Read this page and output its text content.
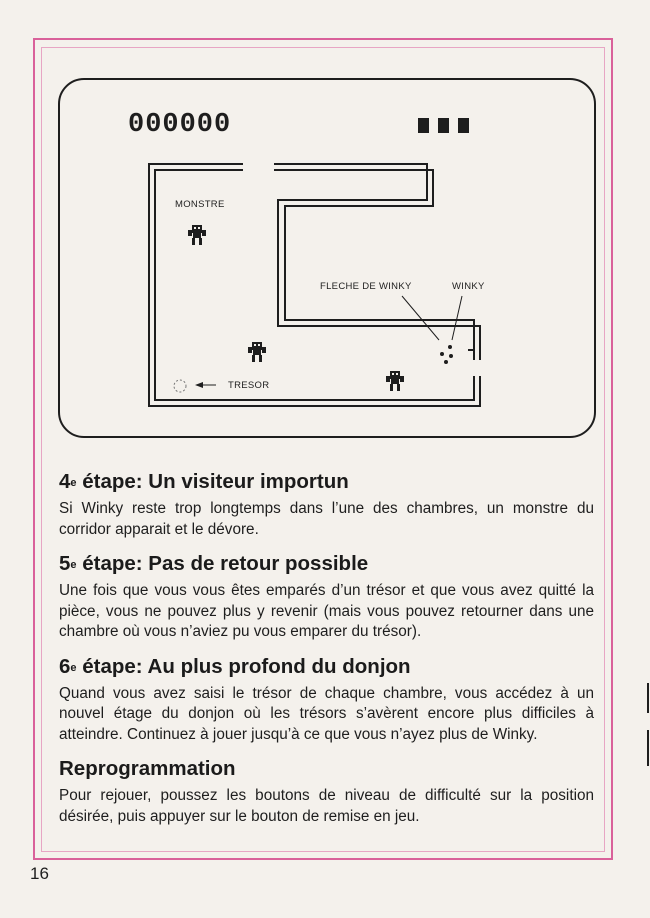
000000
MONSTRE
FLECHE DE WINKY	WINKY
TRESOR
4e étape: Un visiteur importun

Si Winky reste trop longtemps dans l’une des chambres, un monstre du corridor apparait et le dévore.

5e étape: Pas de retour possible

Une fois que vous vous êtes emparés d’un trésor et que vous avez quitté la pièce, vous ne pouvez plus y revenir (mais vous pouvez retourner dans une chambre où vous n’aviez pu vous emparer du trésor).

6e étape: Au plus profond du donjon

Quand vous avez saisi le trésor de chaque chambre, vous accédez à un nouvel étage du donjon où les trésors s’avèrent encore plus difficiles à atteindre. Continuez à jouer jusqu’à ce que vous n’ayez plus de Winky.

Reprogrammation

Pour rejouer, poussez les boutons de niveau de difficulté sur la position désirée, puis appuyer sur le bouton de remise en jeu.

16
